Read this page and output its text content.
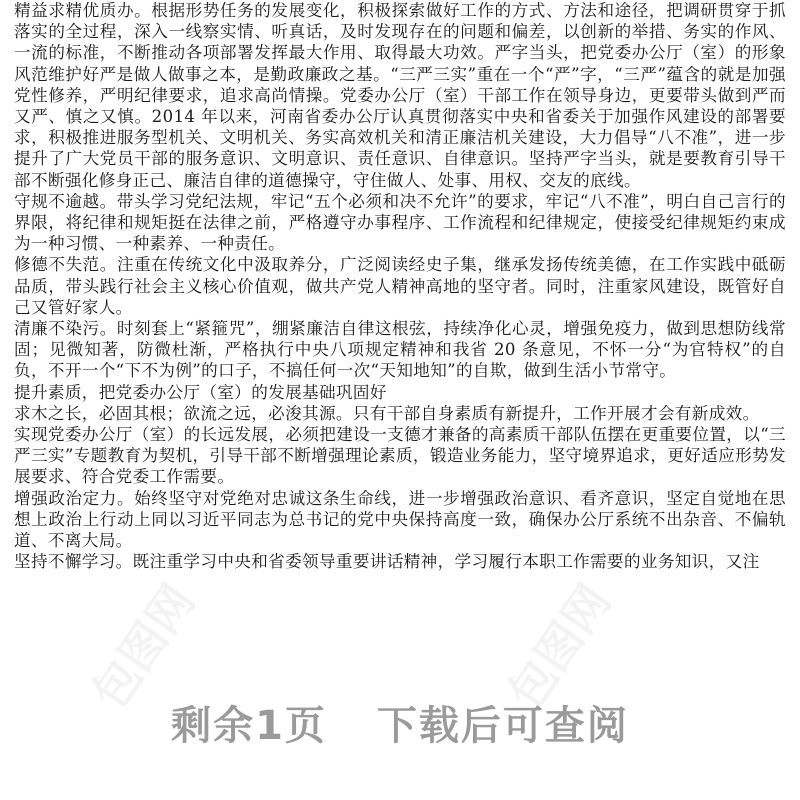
精益求精优质办。根据形势任务的发展变化，积极探索做好工作的方式、方法和途径，把调研贯穿于抓落实的全过程，深入一线察实情、听真话，及时发现存在的问题和偏差，以创新的举措、务实的作风、一流的标准，不断推动各项部署发挥最大作用、取得最大功效。严字当头，把党委办公厅（室）的形象风范维护好严是做人做事之本，是勤政廉政之基。“三严三实”重在一个“严”字，“三严”蕴含的就是加强党性修养，严明纪律要求，追求高尚情操。党委办公厅（室）干部工作在领导身边，更要带头做到严而又严、慎之又慎。2014 年以来，河南省委办公厅认真贯彻落实中央和省委关于加强作风建设的部署要求，积极推进服务型机关、文明机关、务实高效机关和清正廉洁机关建设，大力倡导“八不准”，进一步提升了广大党员干部的服务意识、文明意识、责任意识、自律意识。坚持严字当头，就是要教育引导干部不断强化修身正己、廉洁自律的道德操守，守住做人、处事、用权、交友的底线。

守规不逾越。带头学习党纪法规，牢记“五个必须和决不允许”的要求，牢记“八不准”，明白自己言行的界限，将纪律和规矩挺在法律之前，严格遵守办事程序、工作流程和纪律规定，使接受纪律规矩约束成为一种习惯、一种素养、一种责任。

修德不失范。注重在传统文化中汲取养分，广泛阅读经史子集，继承发扬传统美德，在工作实践中砥砺品质，带头践行社会主义核心价值观，做共产党人精神高地的坚守者。同时，注重家风建设，既管好自己又管好家人。

清廉不染污。时刻套上“紧箍咒”，绷紧廉洁自律这根弦，持续净化心灵，增强免疫力，做到思想防线常固；见微知著，防微杜渐，严格执行中央八项规定精神和我省 20 条意见，不怀一分“为官特权”的自负，不开一个“下不为例”的口子，不搞任何一次“天知地知”的自欺，做到生活小节常守。

提升素质，把党委办公厅（室）的发展基础巩固好

求木之长，必固其根；欲流之远，必浚其源。只有干部自身素质有新提升，工作开展才会有新成效。

实现党委办公厅（室）的长远发展，必须把建设一支德才兼备的高素质干部队伍摆在更重要位置，以“三严三实”专题教育为契机，引导干部不断增强理论素质，锻造业务能力，坚守境界追求，更好适应形势发展要求、符合党委工作需要。

增强政治定力。始终坚守对党绝对忠诚这条生命线，进一步增强政治意识、看齐意识，坚定自觉地在思想上政治上行动上同以习近平同志为总书记的党中央保持高度一致，确保办公厅系统不出杂音、不偏轨道、不离大局。

坚持不懈学习。既注重学习中央和省委领导重要讲话精神，学习履行本职工作需要的业务知识，又注

包图网	包图网
剩余1页 下载后可查阅
